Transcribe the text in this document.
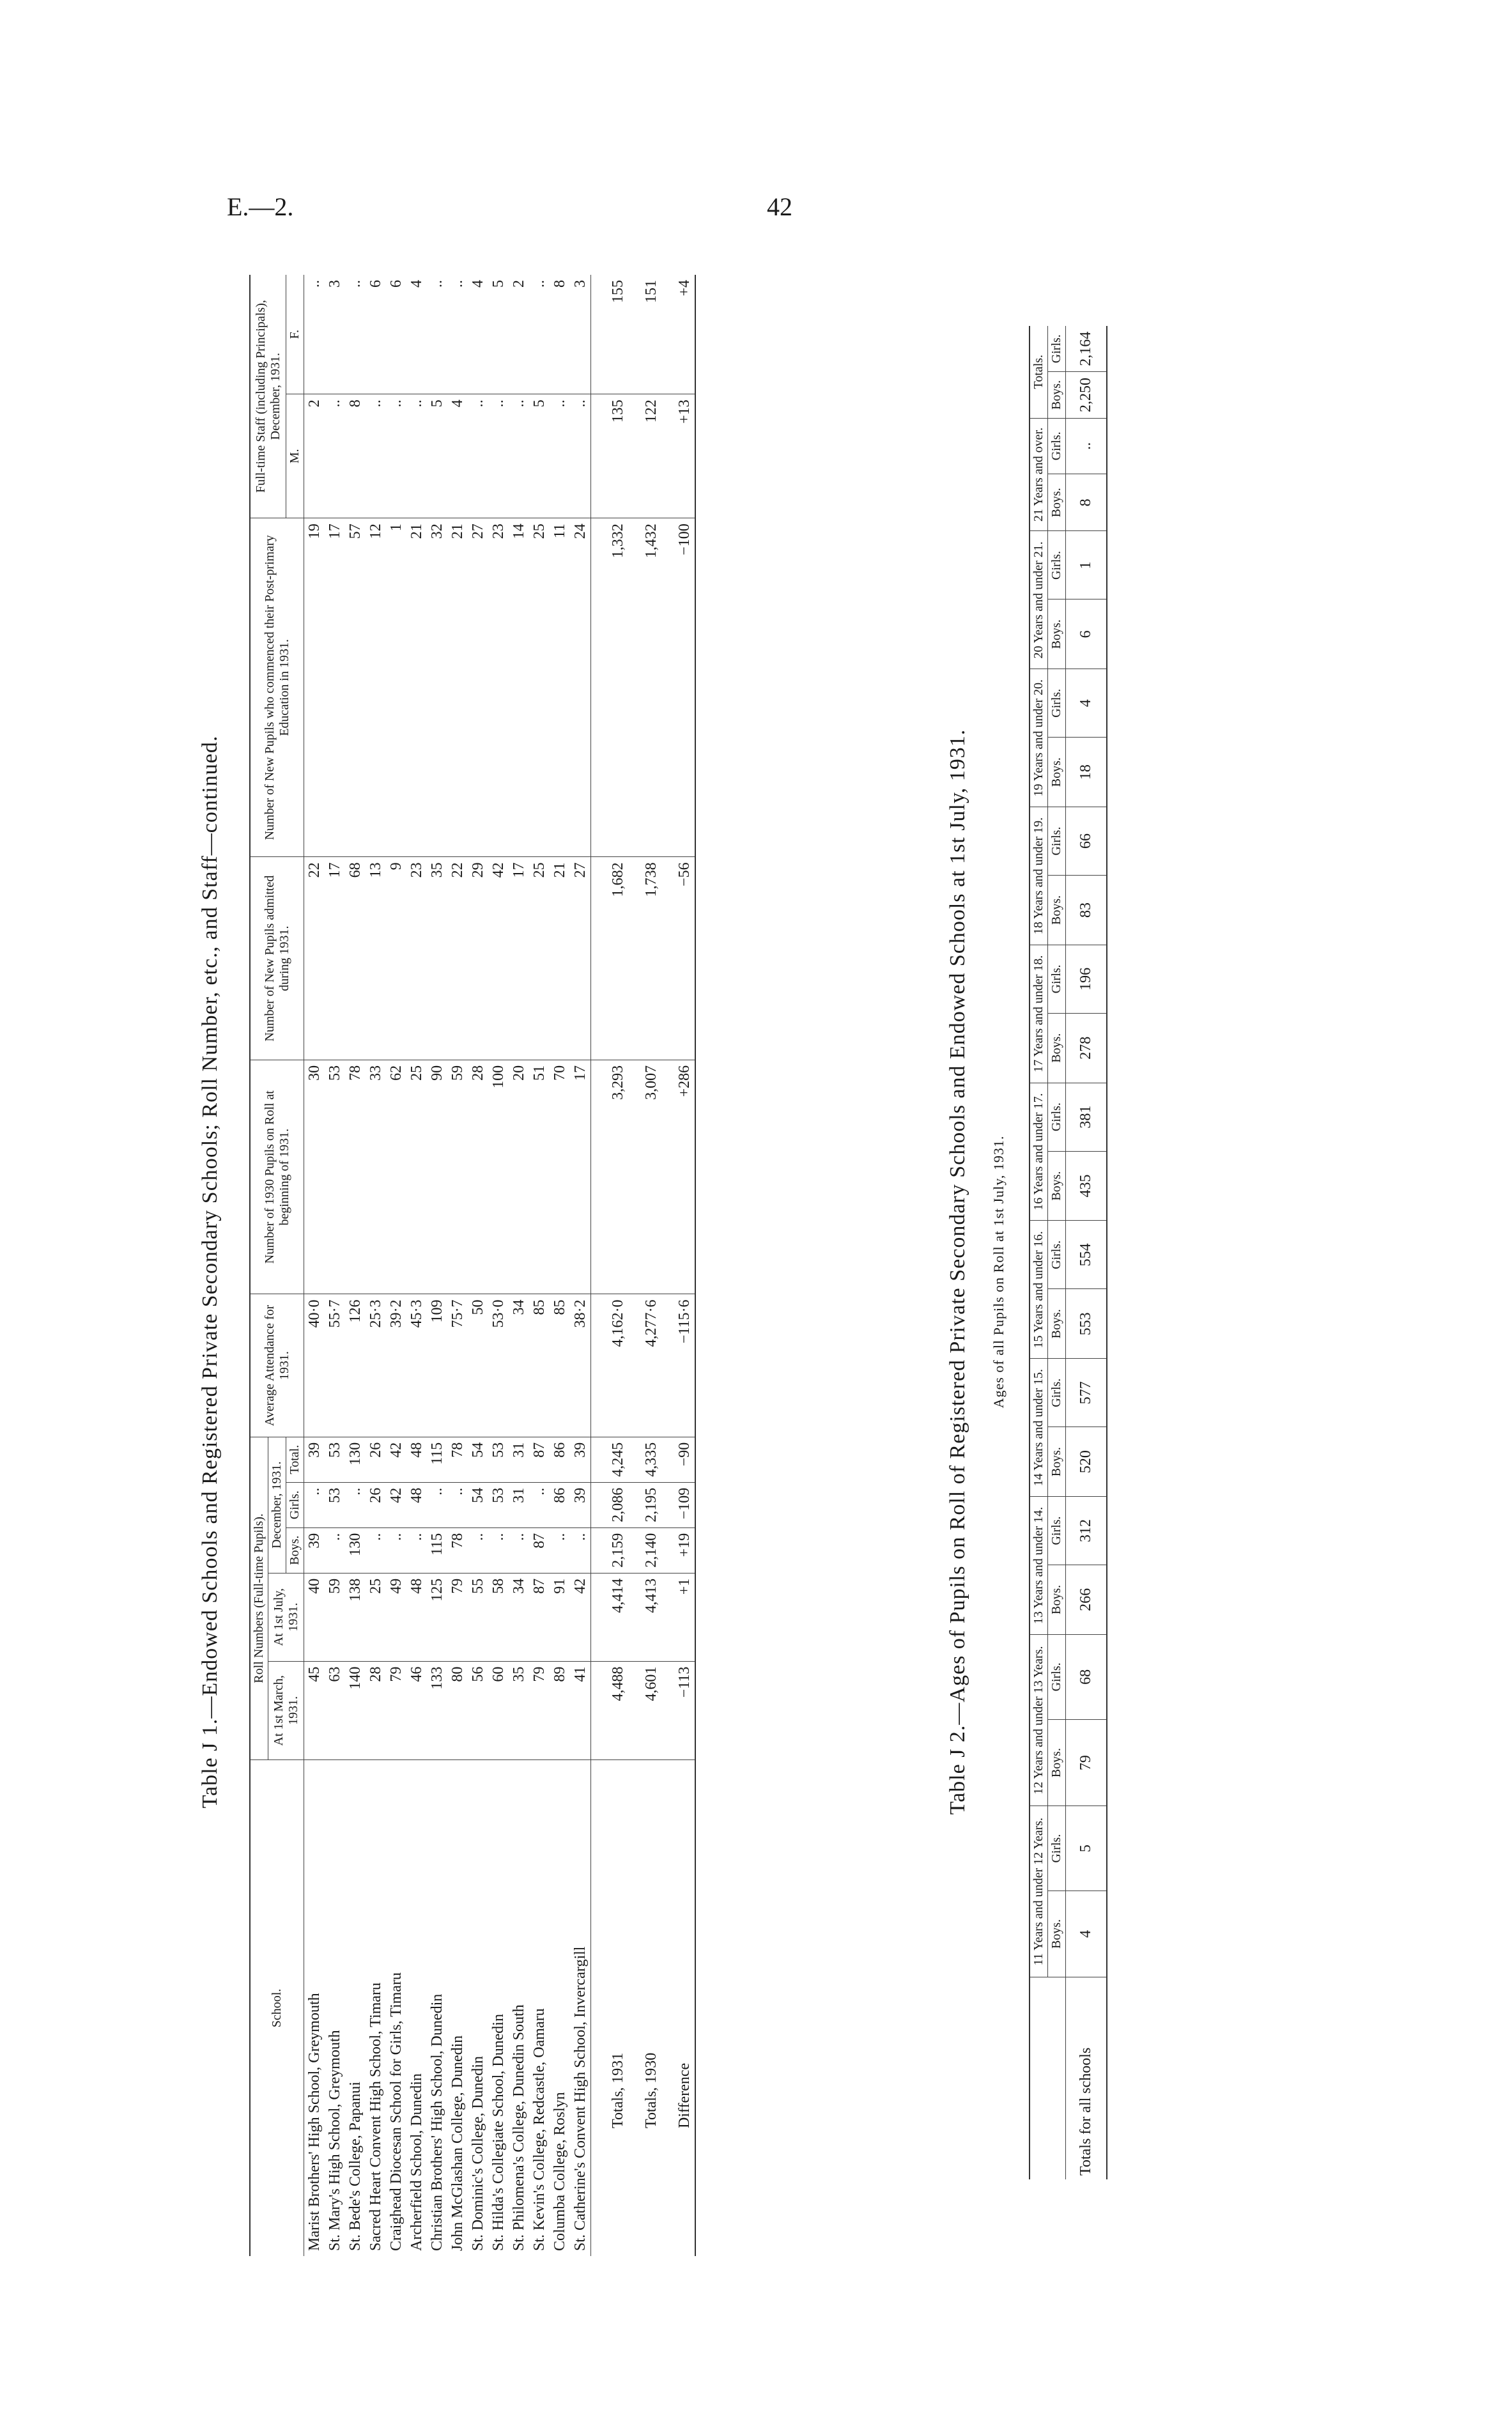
E.—2.	42
Table J 1.—Endowed Schools and Registered Private Secondary Schools; Roll Number, etc., and Staff—continued.
School.	Roll Numbers (Full-time Pupils).					Average Attendance for 1931.	Number of 1930 Pupils on Roll at beginning of 1931.	Number of New Pupils admitted during 1931.	Number of New Pupils who commenced their Post-primary Education in 1931.	Full-time Staff (including Principals), December, 1931.	
	At 1st March, 1931.	At 1st July, 1931.	December, 1931.								
			Boys.	Girls.	Total.					M.	F.
Marist Brothers' High School, Greymouth	45	40	39	..	39	40·0	30	22	19	2	..
St. Mary's High School, Greymouth	63	59	..	53	53	55·7	53	17	17	..	3
St. Bede's College, Papanui	140	138	130	..	130	126	78	68	57	8	..
Sacred Heart Convent High School, Timaru	28	25	..	26	26	25·3	33	13	12	..	6
Craighead Diocesan School for Girls, Timaru	79	49	..	42	42	39·2	62	9	1	..	6
Archerfield School, Dunedin	46	48	..	48	48	45·3	25	23	21	..	4
Christian Brothers' High School, Dunedin	133	125	115	..	115	109	90	35	32	5	..
John McGlashan College, Dunedin	80	79	78	..	78	75·7	59	22	21	4	..
St. Dominic's College, Dunedin	56	55	..	54	54	50	28	29	27	..	4
St. Hilda's Collegiate School, Dunedin	60	58	..	53	53	53·0	100	42	23	..	5
St. Philomena's College, Dunedin South	35	34	..	31	31	34	20	17	14	..	2
St. Kevin's College, Redcastle, Oamaru	79	87	87	..	87	85	51	25	25	5	..
Columba College, Roslyn	89	91	..	86	86	85	70	21	11	..	8
St. Catherine's Convent High School, Invercargill	41	42	..	39	39	38·2	17	27	24	..	3
Totals, 1931	4,488	4,414	2,159	2,086	4,245	4,162·0	3,293	1,682	1,332	135	155
Totals, 1930	4,601	4,413	2,140	2,195	4,335	4,277·6	3,007	1,738	1,432	122	151
Difference	−113	+1	+19	−109	−90	−115·6	+286	−56	−100	+13	+4
Table J 2.—Ages of Pupils on Roll of Registered Private Secondary Schools and Endowed Schools at 1st July, 1931. Ages of all Pupils on Roll at 1st July, 1931.
	11 Years and under 12 Years.		12 Years and under 13 Years.		13 Years and under 14.		14 Years and under 15.		15 Years and under 16.		16 Years and under 17.		17 Years and under 18.		18 Years and under 19.		19 Years and under 20.		20 Years and under 21.		21 Years and over.		Totals.	
	Boys.	Girls.	Boys.	Girls.	Boys.	Girls.	Boys.	Girls.	Boys.	Girls.	Boys.	Girls.	Boys.	Girls.	Boys.	Girls.	Boys.	Girls.	Boys.	Girls.	Boys.	Girls.	Boys.	Girls.
Totals for all schools	4	5	79	68	266	312	520	577	553	554	435	381	278	196	83	66	18	4	6	1	8	..	2,250	2,164
